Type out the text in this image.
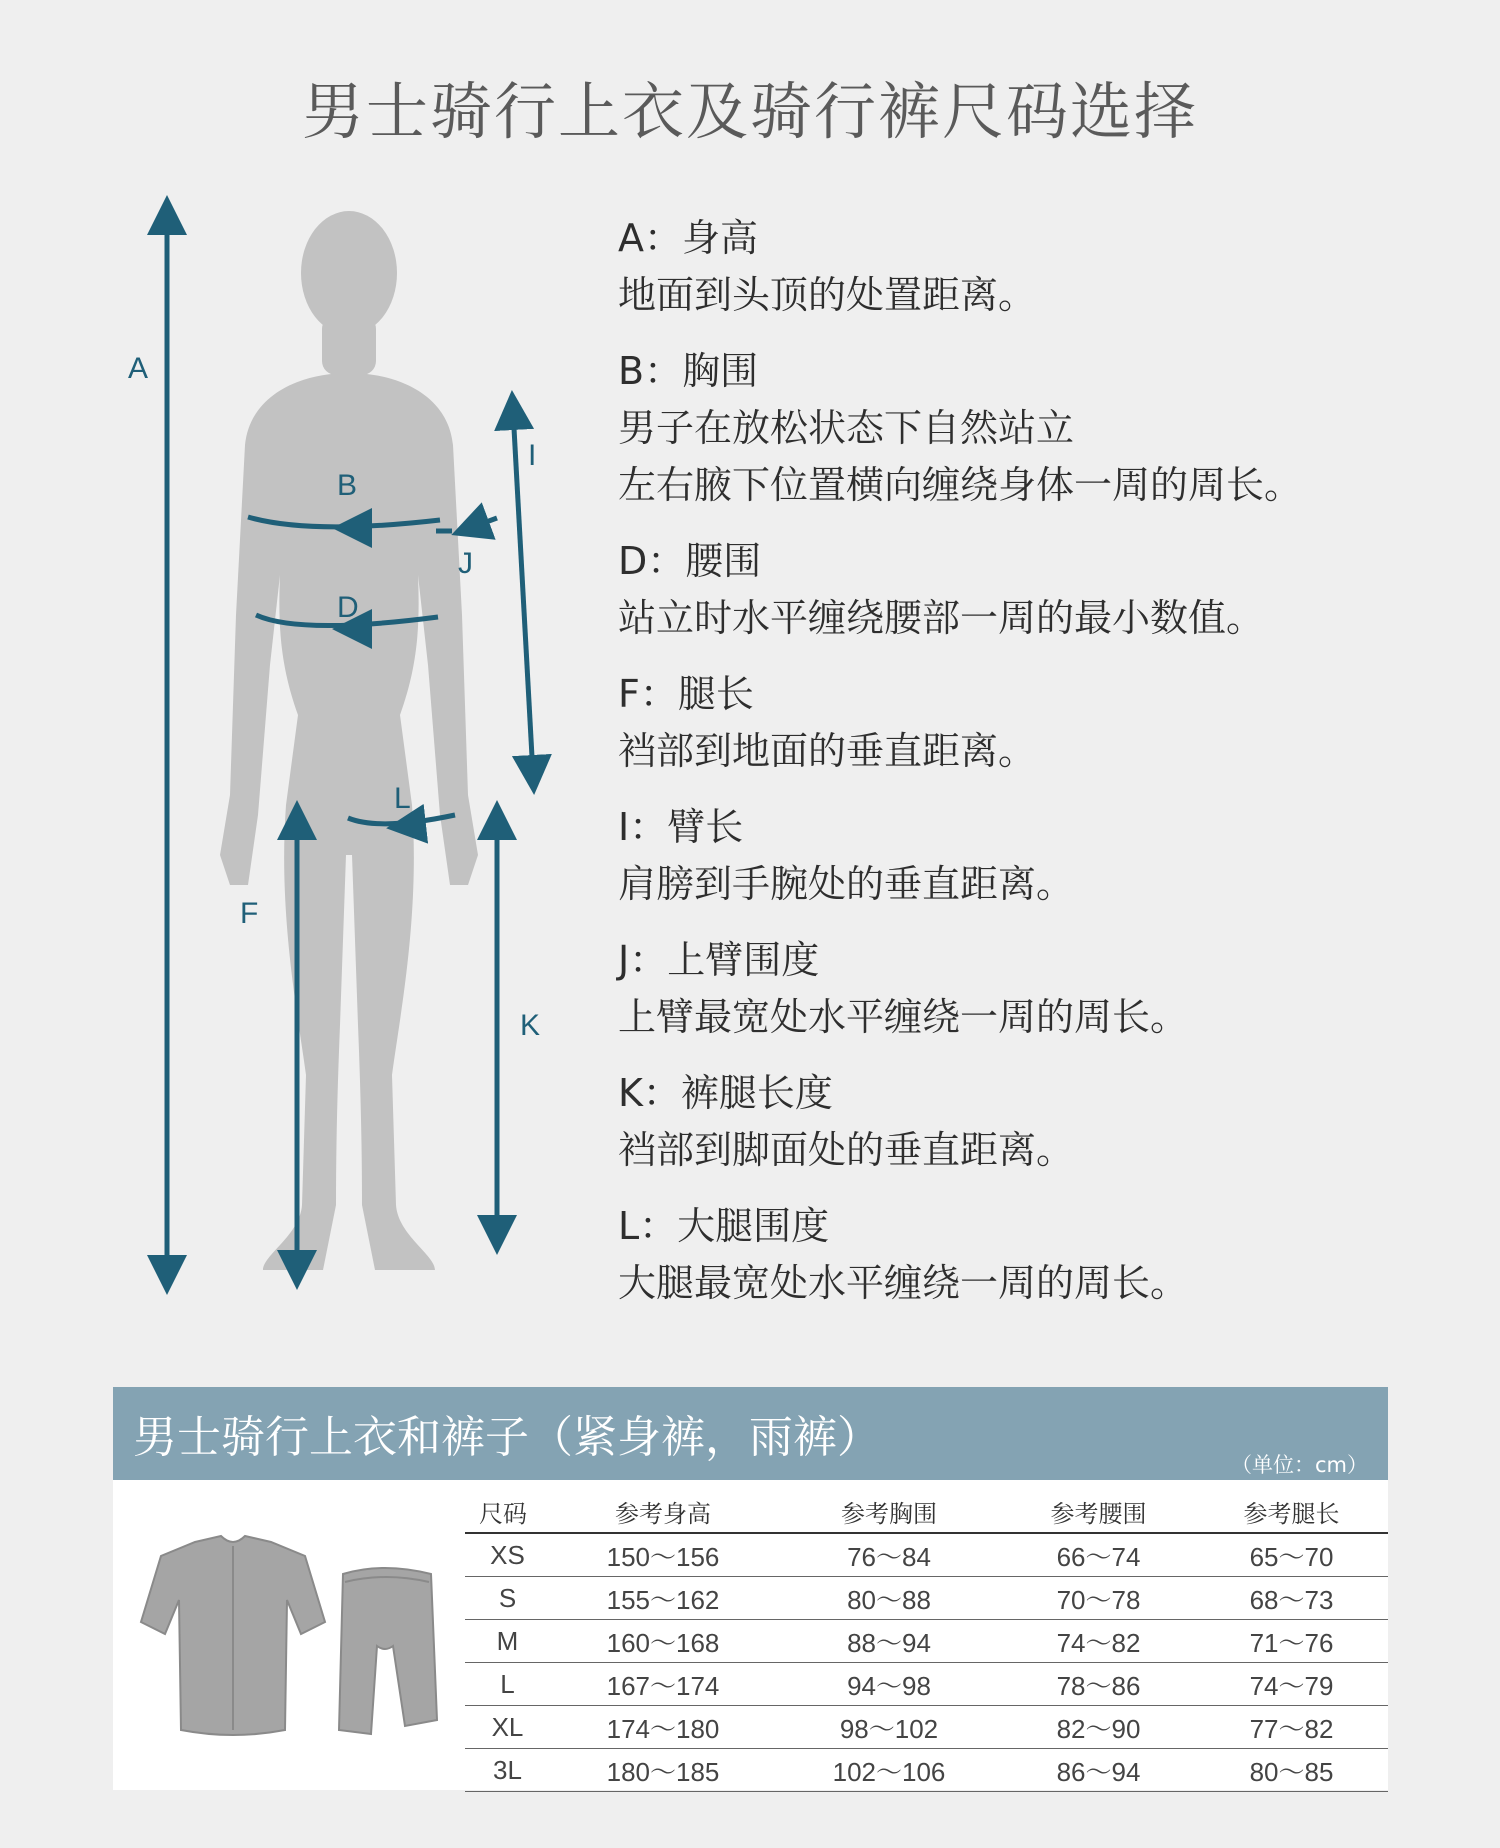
男士骑行上衣及骑行裤尺码选择
A
B
D
F
I
J
K
L
A：身高
地面到头顶的处置距离。
B：胸围
男子在放松状态下自然站立
左右腋下位置横向缠绕身体一周的周长。
D：腰围
站立时水平缠绕腰部一周的最小数值。
F：腿长
裆部到地面的垂直距离。
I：臂长
肩膀到手腕处的垂直距离。
J：上臂围度
上臂最宽处水平缠绕一周的周长。
K：裤腿长度
裆部到脚面处的垂直距离。
L：大腿围度
大腿最宽处水平缠绕一周的周长。
男士骑行上衣和裤子（紧身裤，雨裤）
（单位：cm）
尺码	参考身高	参考胸围	参考腰围	参考腿长
XS	150～156	76～84	66～74	65～70
S	155～162	80～88	70～78	68～73
M	160～168	88～94	74～82	71～76
L	167～174	94～98	78～86	74～79
XL	174～180	98～102	82～90	77～82
3L	180～185	102～106	86～94	80～85
